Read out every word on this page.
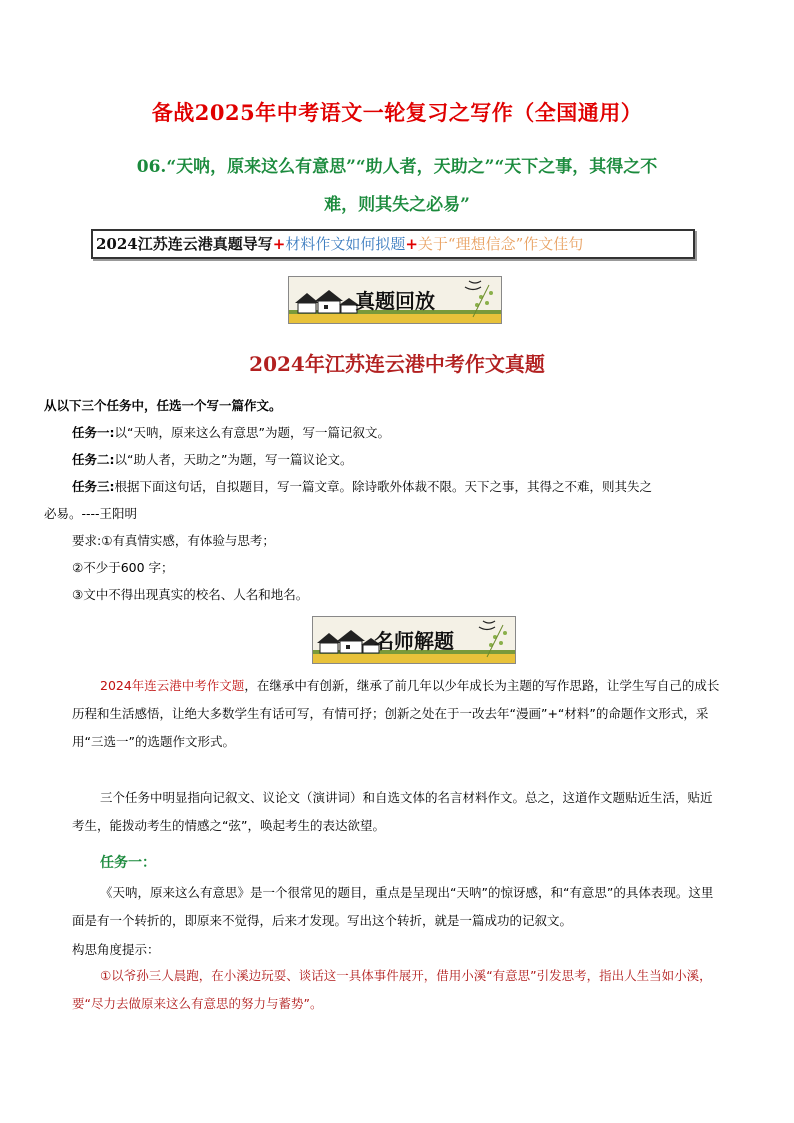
备战2025年中考语文一轮复习之写作（全国通用）
06.“天呐，原来这么有意思”“助人者，天助之”“天下之事，其得之不
难，则其失之必易”
2024江苏连云港真题导写+材料作文如何拟题+关于“理想信念”作文佳句
真题回放
2024年江苏连云港中考作文真题
从以下三个任务中，任选一个写一篇作文。
任务一:以“天呐，原来这么有意思”为题，写一篇记叙文。
任务二:以“助人者，天助之”为题，写一篇议论文。
任务三:根据下面这句话，自拟题目，写一篇文章。除诗歌外体裁不限。天下之事，其得之不难，则其失之
必易。----王阳明
要求:①有真情实感，有体验与思考；
②不少于600 字；
③文中不得出现真实的校名、人名和地名。
名师解题
2024年连云港中考作文题，在继承中有创新，继承了前几年以少年成长为主题的写作思路，让学生写自己的成长历程和生活感悟，让绝大多数学生有话可写，有情可抒；创新之处在于一改去年“漫画”+“材料”的命题作文形式，采用“三选一”的选题作文形式。
三个任务中明显指向记叙文、议论文（演讲词）和自选文体的名言材料作文。总之，这道作文题贴近生活，贴近考生，能拨动考生的情感之“弦”，唤起考生的表达欲望。
任务一：
《天呐，原来这么有意思》是一个很常见的题目，重点是呈现出“天呐”的惊讶感，和“有意思”的具体表现。这里面是有一个转折的，即原来不觉得，后来才发现。写出这个转折，就是一篇成功的记叙文。
构思角度提示：
①以爷孙三人晨跑，在小溪边玩耍、谈话这一具体事件展开，借用小溪“有意思”引发思考，指出人生当如小溪，要“尽力去做原来这么有意思的努力与蓄势”。
